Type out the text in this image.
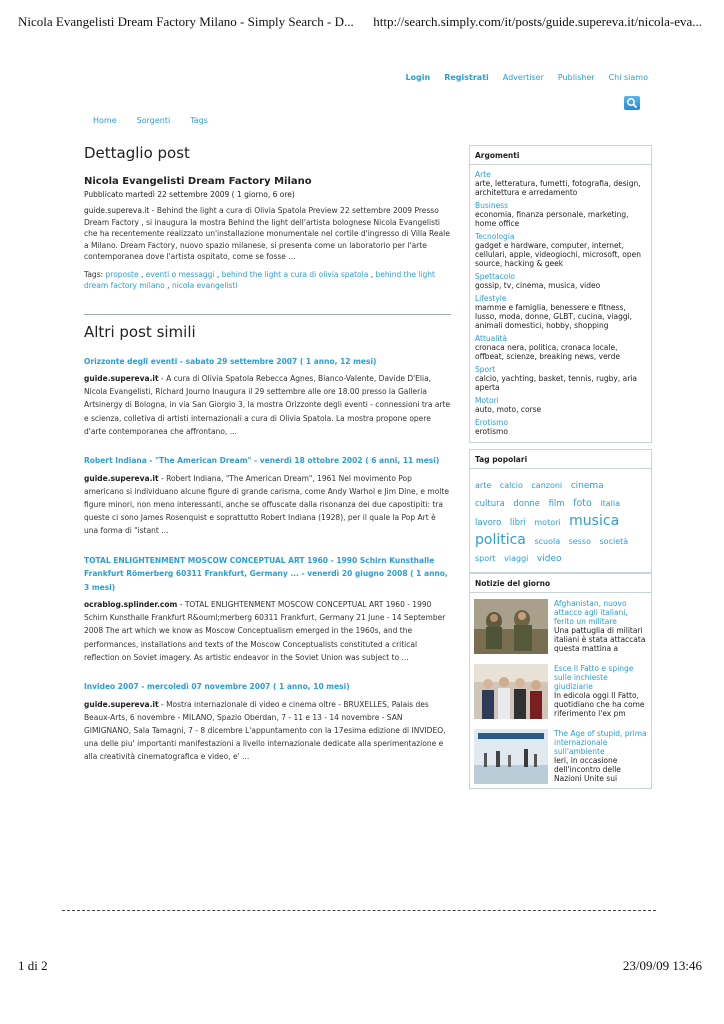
Nicola Evangelisti Dream Factory Milano - Simply Search - D... http://search.simply.com/it/posts/guide.supereva.it/nicola-eva...
Login Registrati Advertiser Publisher Chi siamo
Home	Sorgenti	Tags
Dettaglio post
Nicola Evangelisti Dream Factory Milano
Pubblicato martedì 22 settembre 2009 ( 1 giorno, 6 ore)
guide.supereva.it - Behind the light a cura di Olivia Spatola Preview 22 settembre 2009 Presso Dream Factory , si inaugura la mostra Behind the light dell'artista bolognese Nicola Evangelisti che ha recentemente realizzato un'installazione monumentale nel cortile d'ingresso di Villa Reale a Milano. Dream Factory, nuovo spazio milanese, si presenta come un laboratorio per l'arte contemporanea dove l'artista ospitato, come se fosse ...
Tags: proposte , eventi o messaggi , behind the light a cura di olivia spatola , behind the light dream factory milano , nicola evangelisti
Altri post simili
Orizzonte degli eventi - sabato 29 settembre 2007 ( 1 anno, 12 mesi)
guide.supereva.it - A cura di Olivia Spatola Rebecca Agnes, Bianco-Valente, Davide D'Elia, Nicola Evangelisti, Richard Journo Inaugura il 29 settembre alle ore 18.00 presso la Galleria Artsinergy di Bologna, in via San Giorgio 3, la mostra Orizzonte degli eventi - connessioni tra arte e scienza, colletiva di artisti internazionali a cura di Olivia Spatola. La mostra propone opere d'arte contemporanea che affrontano, ...
Robert Indiana - "The American Dream" - venerdì 18 ottobre 2002 ( 6 anni, 11 mesi)
guide.supereva.it - Robert Indiana, "The American Dream", 1961 Nel movimento Pop americano si individuano alcune figure di grande carisma, come Andy Warhol e Jim Dine, e molte figure minori, non meno interessanti, anche se offuscate dalla risonanza dei due capostipiti: tra queste ci sono James Rosenquist e soprattutto Robert Indiana (1928), per il quale la Pop Art è una forma di "istant ...
TOTAL ENLIGHTENMENT MOSCOW CONCEPTUAL ART 1960 - 1990 Schirn Kunsthalle Frankfurt Römerberg 60311 Frankfurt, Germany ... - venerdì 20 giugno 2008 ( 1 anno, 3 mesi)
ocrablog.splinder.com - TOTAL ENLIGHTENMENT MOSCOW CONCEPTUAL ART 1960 - 1990 Schirn Kunsthalle Frankfurt R&ouml;merberg 60311 Frankfurt, Germany 21 June - 14 September 2008 The art which we know as Moscow Conceptualism emerged in the 1960s, and the performances, installations and texts of the Moscow Conceptualists constituted a critical reflection on Soviet imagery. As artistic endeavor in the Soviet Union was subject to ...
Invideo 2007 - mercoledì 07 novembre 2007 ( 1 anno, 10 mesi)
guide.supereva.it - Mostra internazionale di video e cinema oltre - BRUXELLES, Palais des Beaux-Arts, 6 novembre - MILANO, Spazio Oberdan, 7 - 11 e 13 - 14 novembre - SAN GIMIGNANO, Sala Tamagni, 7 - 8 dicembre L'appuntamento con la 17esima edizione di INVIDEO, una delle piu' importanti manifestazioni a livello internazionale dedicate alla sperimentazione e alla creatività cinematografica e video, e' ...
Argomenti
Arte
arte, letteratura, fumetti, fotografia, design, architettura e arredamento
Business
economia, finanza personale, marketing, home office
Tecnologia
gadget e hardware, computer, internet, cellulari, apple, videogiochi, microsoft, open source, hacking & geek
Spettacolo
gossip, tv, cinema, musica, video
Lifestyle
mamme e famiglia, benessere e fitness, lusso, moda, donne, GLBT, cucina, viaggi, animali domestici, hobby, shopping
Attualità
cronaca nera, politica, cronaca locale, offbeat, scienze, breaking news, verde
Sport
calcio, yachting, basket, tennis, rugby, aria aperta
Motori
auto, moto, corse
Erotismo
erotismo
Tag popolari
arte calcio canzoni cinema cultura donne film foto italia lavoro libri motori musica politica scuola sesso società sport viaggi video
Notizie del giorno
Afghanistan, nuovo attacco agli italiani, ferito un militare
Una pattuglia di militari italiani è stata attaccata questa mattina a
Esce Il Fatto e spinge sulle inchieste giudiziarie
In edicola oggi Il Fatto, quotidiano che ha come riferimento l'ex pm
The Age of stupid, prima internazionale sull'ambiente
Ieri, in occasione dell'incontro delle Nazioni Unite sui
1 di 2	23/09/09 13:46
